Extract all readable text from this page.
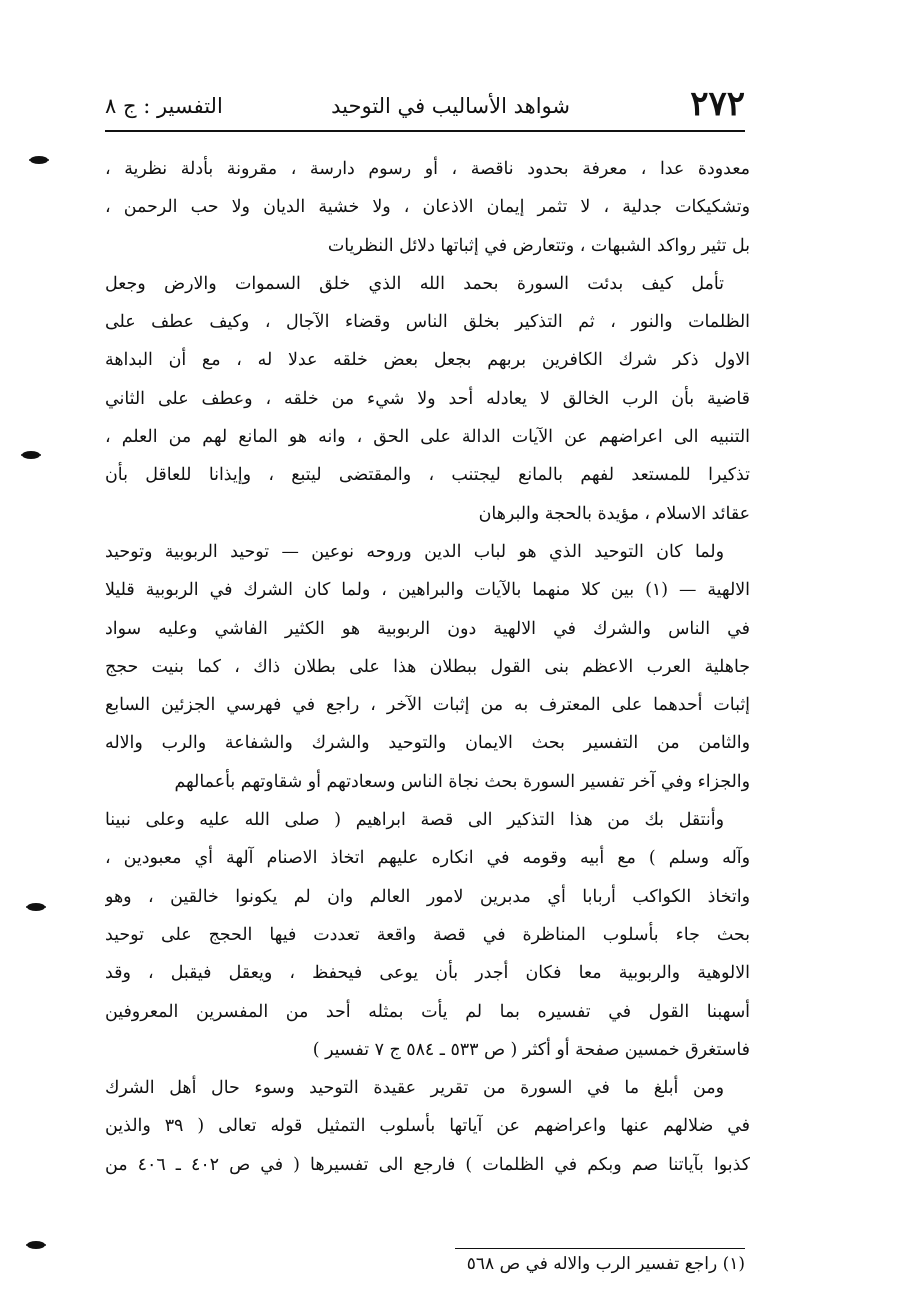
٢٧٢
شواهد الأساليب في التوحيد
التفسير : ج ٨
معدودة عدا ، معرفة بحدود ناقصة ، أو رسوم دارسة ، مقرونة بأدلة نظرية ،
وتشكيكات جدلية ، لا تثمر إيمان الاذعان ، ولا خشية الديان ولا حب الرحمن ،
بل تثير رواكد الشبهات ، وتتعارض في إثباتها دلائل النظريات
تأمل كيف بدئت السورة بحمد الله الذي خلق السموات والارض وجعل
الظلمات والنور ، ثم التذكير بخلق الناس وقضاء الآجال ، وكيف عطف على
الاول ذكر شرك الكافرين بربهم بجعل بعض خلقه عدلا له ، مع أن البداهة
قاضية بأن الرب الخالق لا يعادله أحد ولا شيء من خلقه ، وعطف على الثاني
التنبيه الى اعراضهم عن الآيات الدالة على الحق ، وانه هو المانع لهم من العلم ،
تذكيرا للمستعد لفهم بالمانع ليجتنب ، والمقتضى ليتبع ، وإيذانا للعاقل بأن
عقائد الاسلام ، مؤيدة بالحجة والبرهان
ولما كان التوحيد الذي هو لباب الدين وروحه نوعين — توحيد الربوبية وتوحيد
الالهية — (١) بين كلا منهما بالآيات والبراهين ، ولما كان الشرك في الربوبية قليلا
في الناس والشرك في الالهية دون الربوبية هو الكثير الفاشي وعليه سواد
جاهلية العرب الاعظم بنى القول ببطلان هذا على بطلان ذاك ، كما بنيت حجج
إثبات أحدهما على المعترف به من إثبات الآخر ، راجع في فهرسي الجزئين السابع
والثامن من التفسير بحث الايمان والتوحيد والشرك والشفاعة والرب والاله
والجزاء وفي آخر تفسير السورة بحث نجاة الناس وسعادتهم أو شقاوتهم بأعمالهم
وأنتقل بك من هذا التذكير الى قصة ابراهيم ( صلى الله عليه وعلى نبينا
وآله وسلم ) مع أبيه وقومه في انكاره عليهم اتخاذ الاصنام آلهة أي معبودين ،
واتخاذ الكواكب أربابا أي مدبرين لامور العالم وان لم يكونوا خالقين ، وهو
بحث جاء بأسلوب المناظرة في قصة واقعة تعددت فيها الحجج على توحيد
الالوهية والربوبية معا فكان أجدر بأن يوعى فيحفظ ، ويعقل فيقبل ، وقد
أسهبنا القول في تفسيره بما لم يأت بمثله أحد من المفسرين المعروفين
فاستغرق خمسين صفحة أو أكثر ( ص ٥٣٣ ـ ٥٨٤ ج ٧ تفسير )
ومن أبلغ ما في السورة من تقرير عقيدة التوحيد وسوء حال أهل الشرك
في ضلالهم عنها واعراضهم عن آياتها بأسلوب التمثيل قوله تعالى ( ٣٩ والذين
كذبوا بآياتنا صم وبكم في الظلمات ) فارجع الى تفسيرها ( في ص ٤٠٢ ـ ٤٠٦ من
(١) راجع تفسير الرب والاله في ص ٥٦٨
